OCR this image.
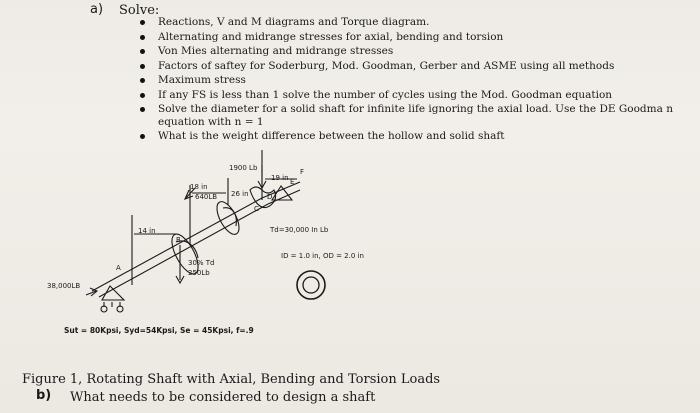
a) Solve:
Reactions, V and M diagrams and Torque diagram.
Alternating and midrange stresses for axial, bending and torsion
Von Mies alternating and midrange stresses
Factors of saftey for Soderburg, Mod. Goodman, Gerber and ASME using all methods
Maximum stress
If any FS is less than 1 solve the number of cycles using the Mod. Goodman equation
Solve the diameter for a solid shaft for infinite life ignoring the axial load. Use the DE Goodma n equation with n = 1
What is the weight difference between the hollow and solid shaft
1900 Lb
18 in
640LB 26 in
19 in
14 in	Td=30,000 In Lb
30% Td
250Lb
ID = 1.0 in, OD = 2.0 in
38,000LB
A
B
C
D
E
F
Sut = 80Kpsi, Syd=54Kpsi, Se = 45Kpsi, f=.9
Figure 1, Rotating Shaft with Axial, Bending and Torsion Loads
b) What needs to be considered to design a shaft
